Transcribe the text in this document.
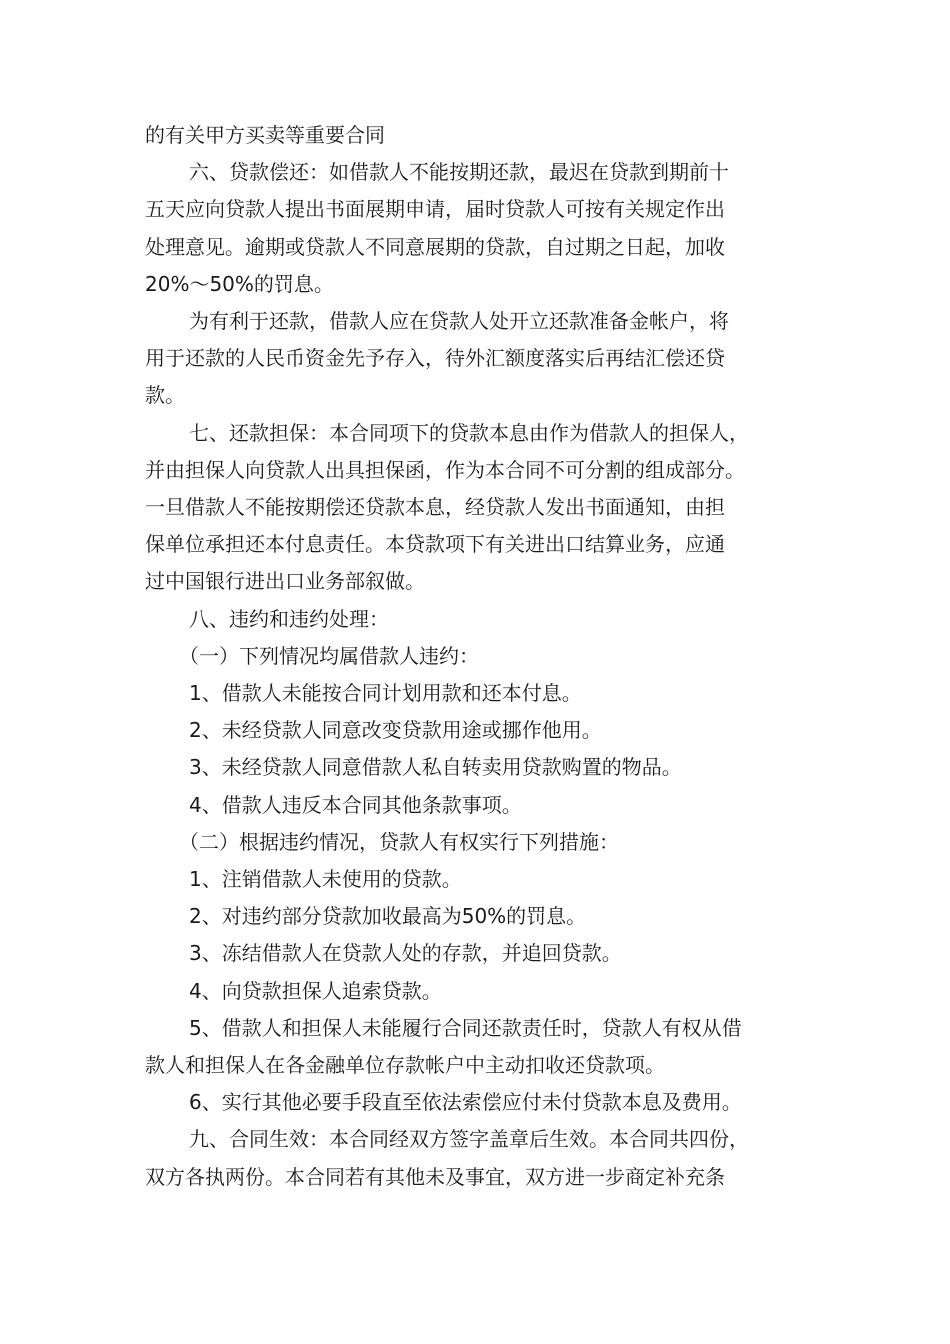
的有关甲方买卖等重要合同
六、贷款偿还：如借款人不能按期还款，最迟在贷款到期前十
五天应向贷款人提出书面展期申请，届时贷款人可按有关规定作出
处理意见。逾期或贷款人不同意展期的贷款，自过期之日起，加收
20%～50%的罚息。
为有利于还款，借款人应在贷款人处开立还款准备金帐户，将
用于还款的人民币资金先予存入，待外汇额度落实后再结汇偿还贷
款。
七、还款担保：本合同项下的贷款本息由作为借款人的担保人，
并由担保人向贷款人出具担保函，作为本合同不可分割的组成部分。
一旦借款人不能按期偿还贷款本息，经贷款人发出书面通知，由担
保单位承担还本付息责任。本贷款项下有关进出口结算业务，应通
过中国银行进出口业务部叙做。
八、违约和违约处理：
（一）下列情况均属借款人违约：
1、借款人未能按合同计划用款和还本付息。
2、未经贷款人同意改变贷款用途或挪作他用。
3、未经贷款人同意借款人私自转卖用贷款购置的物品。
4、借款人违反本合同其他条款事项。
（二）根据违约情况，贷款人有权实行下列措施：
1、注销借款人未使用的贷款。
2、对违约部分贷款加收最高为50%的罚息。
3、冻结借款人在贷款人处的存款，并追回贷款。
4、向贷款担保人追索贷款。
5、借款人和担保人未能履行合同还款责任时，贷款人有权从借
款人和担保人在各金融单位存款帐户中主动扣收还贷款项。
6、实行其他必要手段直至依法索偿应付未付贷款本息及费用。
九、合同生效：本合同经双方签字盖章后生效。本合同共四份，
双方各执两份。本合同若有其他未及事宜，双方进一步商定补充条
